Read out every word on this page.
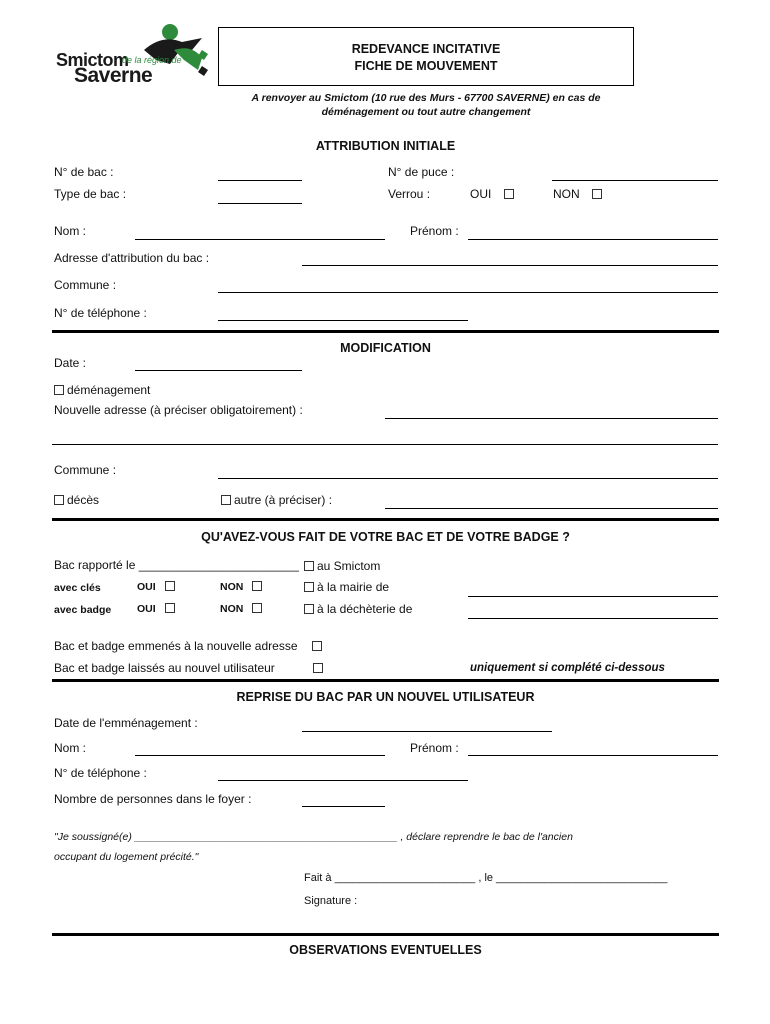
Smictom
de la région de
Saverne
REDEVANCE INCITATIVE
FICHE DE MOUVEMENT
A renvoyer au Smictom (10 rue des Murs - 67700 SAVERNE) en cas de
déménagement ou tout autre changement
ATTRIBUTION INITIALE
N° de bac :	N° de puce :
Type de bac :	Verrou :	OUI	NON
Nom :	Prénom :
Adresse d'attribution du bac :
Commune :
N° de téléphone :
MODIFICATION
Date :
déménagement
Nouvelle adresse (à préciser obligatoirement) :
Commune :
décès	autre (à préciser) :
QU'AVEZ-VOUS FAIT DE VOTRE BAC ET DE VOTRE BADGE ?
Bac rapporté le ________________________	au Smictom
avec clés	OUI	NON	à la mairie de
avec badge OUI	NON	à la déchèterie de
Bac et badge emmenés à la nouvelle adresse
Bac et badge laissés au nouvel utilisateur	uniquement si complété ci-dessous
REPRISE DU BAC PAR UN NOUVEL UTILISATEUR
Date de l'emménagement :
Nom :	Prénom :
N° de téléphone :
Nombre de personnes dans le foyer :
"Je soussigné(e) _____________________________________________ , déclare reprendre le bac de l'ancien
occupant du logement précité."
Fait à _______________________ , le ____________________________
Signature :
OBSERVATIONS EVENTUELLES
